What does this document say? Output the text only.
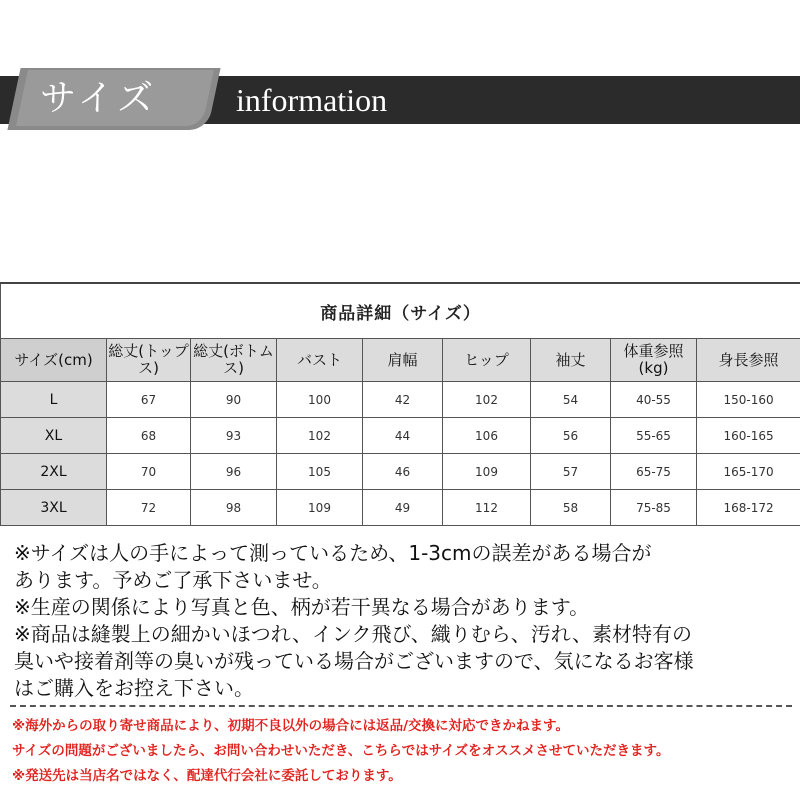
サイズ	information
商品詳細（サイズ）								
サイズ(cm)	総丈(トップス)	総丈(ボトムス)	バスト	肩幅	ヒップ	袖丈	体重参照(kg)	身長参照
L	67	90	100	42	102	54	40-55	150-160
XL	68	93	102	44	106	56	55-65	160-165
2XL	70	96	105	46	109	57	65-75	165-170
3XL	72	98	109	49	112	58	75-85	168-172
※サイズは人の手によって測っているため、1-3cmの誤差がある場合が
あります。予めご了承下さいませ。
※生産の関係により写真と色、柄が若干異なる場合があります。
※商品は縫製上の細かいほつれ、インク飛び、織りむら、汚れ、素材特有の
臭いや接着剤等の臭いが残っている場合がございますので、気になるお客様
はご購入をお控え下さい。
※海外からの取り寄せ商品により、初期不良以外の場合には返品/交換に対応できかねます。
サイズの問題がございましたら、お問い合わせいただき、こちらではサイズをオススメさせていただきます。
※発送先は当店名ではなく、配達代行会社に委託しております。
